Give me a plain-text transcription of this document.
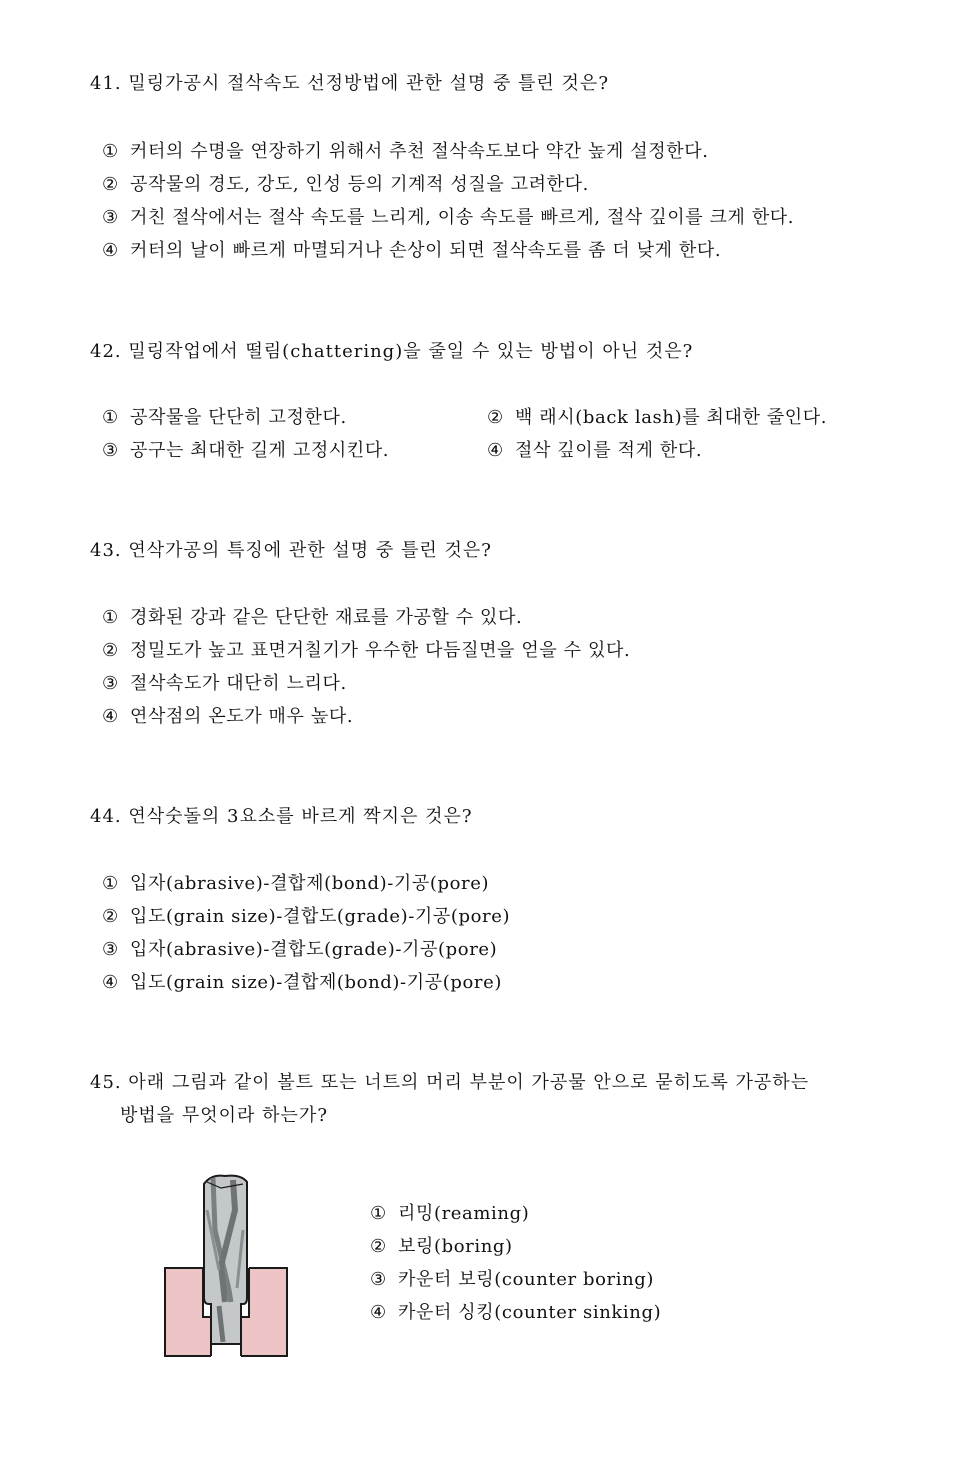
41. 밀링가공시 절삭속도 선정방법에 관한 설명 중 틀린 것은?
① 커터의 수명을 연장하기 위해서 추천 절삭속도보다 약간 높게 설정한다.
② 공작물의 경도, 강도, 인성 등의 기계적 성질을 고려한다.
③ 거친 절삭에서는 절삭 속도를 느리게, 이송 속도를 빠르게, 절삭 깊이를 크게 한다.
④ 커터의 날이 빠르게 마멸되거나 손상이 되면 절삭속도를 좀 더 낮게 한다.
42. 밀링작업에서 떨림(chattering)을 줄일 수 있는 방법이 아닌 것은?
① 공작물을 단단히 고정한다.	② 백 래시(back lash)를 최대한 줄인다.
③ 공구는 최대한 길게 고정시킨다.	④ 절삭 깊이를 적게 한다.
43. 연삭가공의 특징에 관한 설명 중 틀린 것은?
① 경화된 강과 같은 단단한 재료를 가공할 수 있다.
② 정밀도가 높고 표면거칠기가 우수한 다듬질면을 얻을 수 있다.
③ 절삭속도가 대단히 느리다.
④ 연삭점의 온도가 매우 높다.
44. 연삭숫돌의 3요소를 바르게 짝지은 것은?
① 입자(abrasive)-결합제(bond)-기공(pore)
② 입도(grain size)-결합도(grade)-기공(pore)
③ 입자(abrasive)-결합도(grade)-기공(pore)
④ 입도(grain size)-결합제(bond)-기공(pore)
45. 아래 그림과 같이 볼트 또는 너트의 머리 부분이 가공물 안으로 묻히도록 가공하는
방법을 무엇이라 하는가?
① 리밍(reaming)
② 보링(boring)
③ 카운터 보링(counter boring)
④ 카운터 싱킹(counter sinking)
